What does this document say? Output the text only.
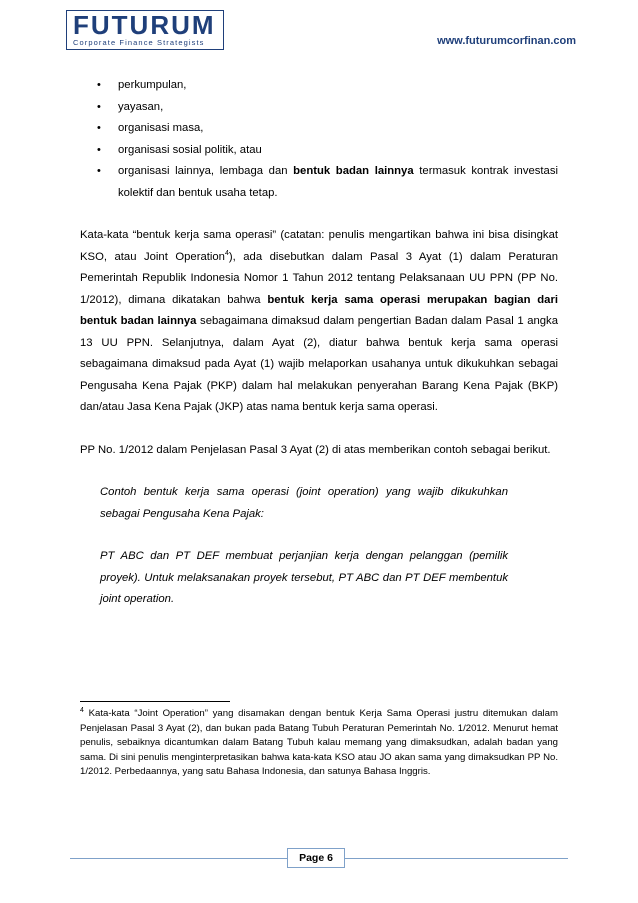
FUTURUM
Corporate Finance Strategists	www.futurumcorfinan.com
• perkumpulan,
• yayasan,
• organisasi masa,
• organisasi sosial politik, atau
• organisasi lainnya, lembaga dan bentuk badan lainnya termasuk kontrak investasi kolektif dan bentuk usaha tetap.

Kata-kata “bentuk kerja sama operasi” (catatan: penulis mengartikan bahwa ini bisa disingkat KSO, atau Joint Operation$^4$), ada disebutkan dalam Pasal 3 Ayat (1) dalam Peraturan Pemerintah Republik Indonesia Nomor 1 Tahun 2012 tentang Pelaksanaan UU PPN (PP No. 1/2012), dimana dikatakan bahwa bentuk kerja sama operasi merupakan bagian dari bentuk badan lainnya sebagaimana dimaksud dalam pengertian Badan dalam Pasal 1 angka 13 UU PPN. Selanjutnya, dalam Ayat (2), diatur bahwa bentuk kerja sama operasi sebagaimana dimaksud pada Ayat (1) wajib melaporkan usahanya untuk dikukuhkan sebagai Pengusaha Kena Pajak (PKP) dalam hal melakukan penyerahan Barang Kena Pajak (BKP) dan/atau Jasa Kena Pajak (JKP) atas nama bentuk kerja sama operasi.

PP No. 1/2012 dalam Penjelasan Pasal 3 Ayat (2) di atas memberikan contoh sebagai berikut.

Contoh bentuk kerja sama operasi (joint operation) yang wajib dikukuhkan sebagai Pengusaha Kena Pajak:

PT ABC dan PT DEF membuat perjanjian kerja dengan pelanggan (pemilik proyek). Untuk melaksanakan proyek tersebut, PT ABC dan PT DEF membentuk joint operation.

$^4$ Kata-kata “Joint Operation” yang disamakan dengan bentuk Kerja Sama Operasi justru ditemukan dalam Penjelasan Pasal 3 Ayat (2), dan bukan pada Batang Tubuh Peraturan Pemerintah No. 1/2012. Menurut hemat penulis, sebaiknya dicantumkan dalam Batang Tubuh kalau memang yang dimaksudkan, adalah badan yang sama. Di sini penulis menginterpretasikan bahwa kata-kata KSO atau JO akan sama yang dimaksudkan PP No. 1/2012. Perbedaannya, yang satu Bahasa Indonesia, dan satunya Bahasa Inggris.
Page 6
